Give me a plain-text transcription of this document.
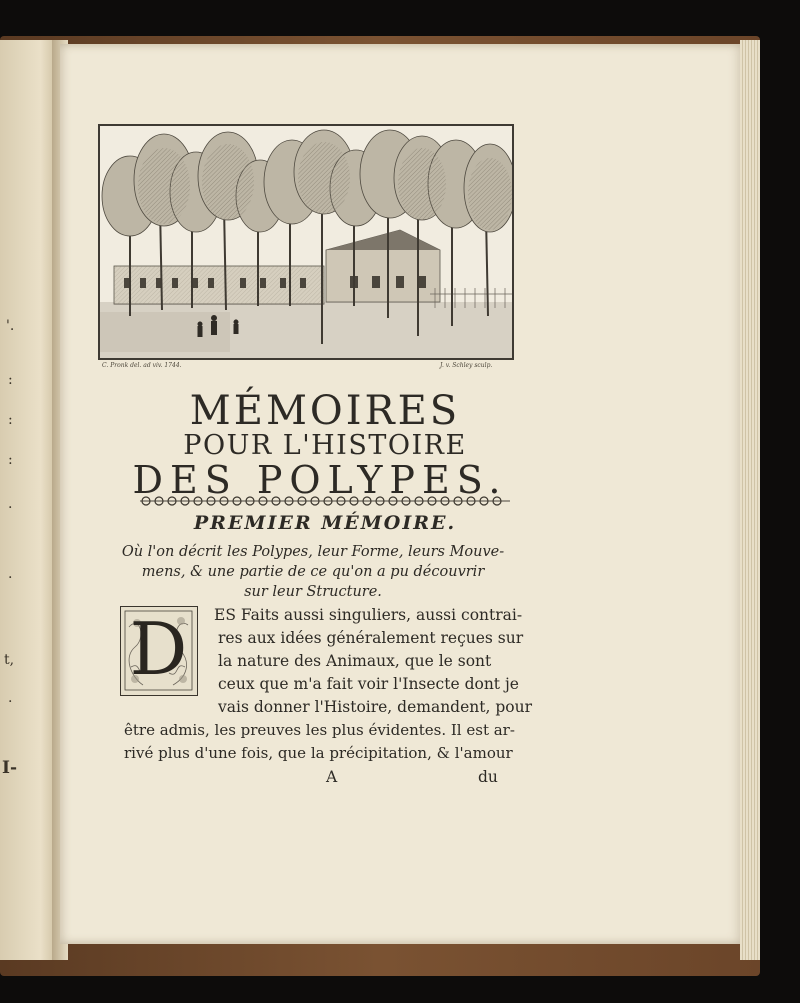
'.
:
:
:
.
.
t,
.
I-
C. Pronk del. ad viv. 1744.	J. v. Schley sculp.
MÉMOIRES
POUR L'HISTOIRE
DES POLYPES.
PREMIER MÉMOIRE.
Où l'on décrit les Polypes, leur Forme, leurs Mouve-
mens, & une partie de ce qu'on a pu découvrir
sur leur Structure.
D	ES Faits aussi singuliers, aussi contrai-
res aux idées généralement reçues sur
la nature des Animaux, que le sont
ceux que m'a fait voir l'Insecte dont je
vais donner l'Histoire, demandent, pour
être admis, les preuves les plus évidentes. Il est ar-
rivé plus d'une fois, que la précipitation, & l'amour
A	du
